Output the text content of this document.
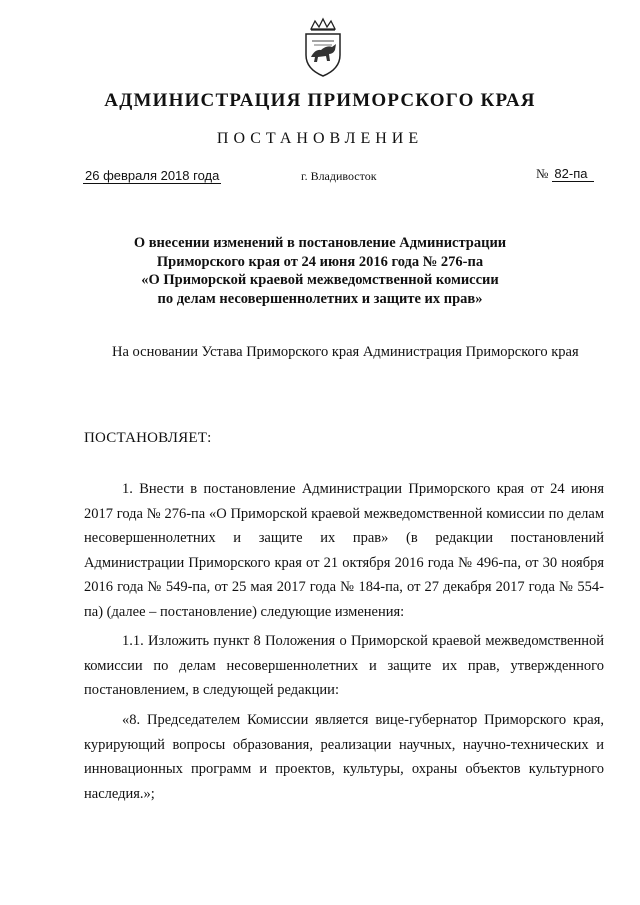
АДМИНИСТРАЦИЯ ПРИМОРСКОГО КРАЯ
ПОСТАНОВЛЕНИЕ
26 февраля 2018 года	г. Владивосток	№ 82-па
О внесении изменений в постановление Администрации
Приморского края от 24 июня 2016 года № 276-па
«О Приморской краевой межведомственной комиссии
по делам несовершеннолетних и защите их прав»
На основании Устава Приморского края Администрация Приморского края
ПОСТАНОВЛЯЕТ:
1. Внести в постановление Администрации Приморского края от 24 июня 2017 года № 276-па «О Приморской краевой межведомственной комиссии по делам несовершеннолетних и защите их прав» (в редакции постановлений Администрации Приморского края от 21 октября 2016 года № 496-па, от 30 ноября 2016 года № 549-па, от 25 мая 2017 года № 184-па, от 27 декабря 2017 года № 554-па) (далее – постановление) следующие изменения:
1.1. Изложить пункт 8 Положения о Приморской краевой межведомственной комиссии по делам несовершеннолетних и защите их прав, утвержденного постановлением, в следующей редакции:
«8. Председателем Комиссии является вице-губернатор Приморского края, курирующий вопросы образования, реализации научных, научно-технических и инновационных программ и проектов, культуры, охраны объектов культурного наследия.»;
